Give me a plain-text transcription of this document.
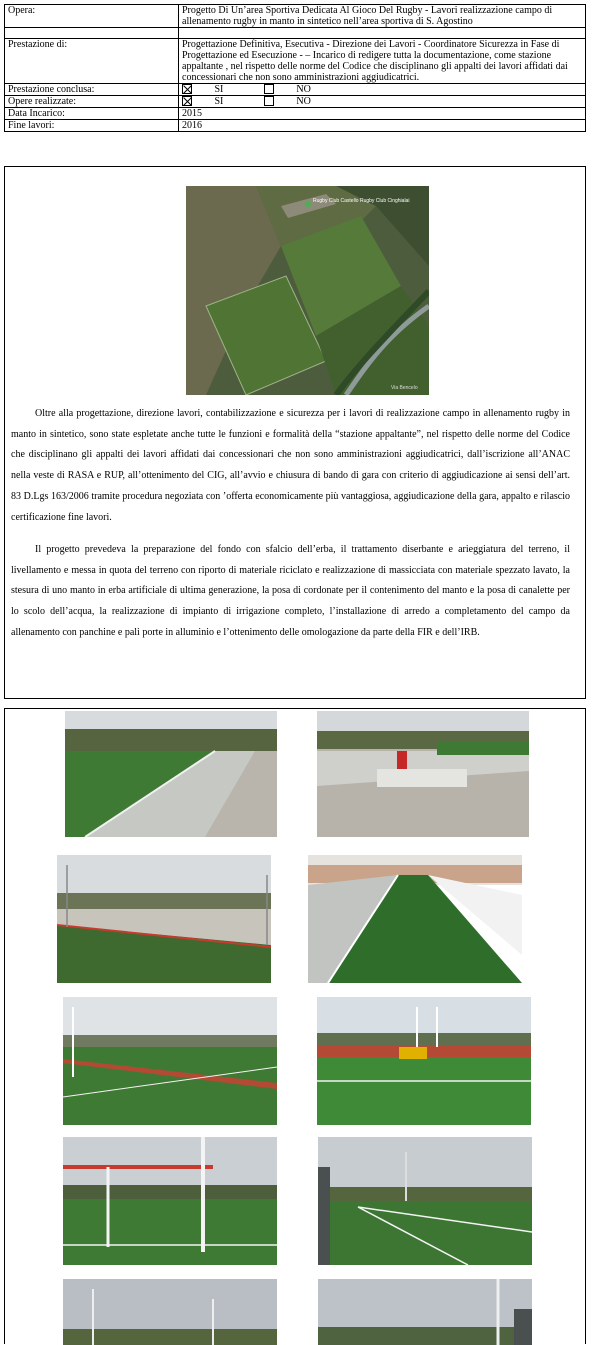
Opera:	Progetto Di Un’area Sportiva Dedicata Al Gioco Del Rugby - Lavori realizzazione campo di allenamento rugby in manto in sintetico nell’area sportiva di S. Agostino

Prestazione di:	Progettazione Definitiva, Esecutiva - Direzione dei Lavori - Coordinatore Sicurezza in Fase di Progettazione ed Esecuzione - – Incarico di redigere tutta la documentazione, come stazione appaltante , nel rispetto delle norme del Codice che disciplinano gli appalti dei lavori affidati dai concessionari che non sono amministrazioni aggiudicatrici.
Prestazione conclusa:	SI NO
Opere realizzate:	SI NO
Data Incarico:	2015
Fine lavori:	2016
Rugby Club Castello Rugby Club Cinghialai
Via Bencelo

Oltre alla progettazione, direzione lavori, contabilizzazione e sicurezza per i lavori di realizzazione campo in allenamento rugby in manto in sintetico, sono state espletate anche tutte le funzioni e formalità della “stazione appaltante”, nel rispetto delle norme del Codice che disciplinano gli appalti dei lavori affidati dai concessionari che non sono amministrazioni aggiudicatrici, dall’iscrizione all’ANAC nella veste di RASA e RUP, all’ottenimento del CIG, all’avvio e chiusura di bando di gara con criterio di aggiudicazione ai sensi dell’art. 83 D.Lgs 163/2006 tramite procedura negoziata con ’offerta economicamente più vantaggiosa, aggiudicazione della gara, appalto e rilascio certificazione fine lavori.

Il progetto prevedeva la preparazione del fondo con sfalcio dell’erba, il trattamento diserbante e arieggiatura del terreno, il livellamento e messa in quota del terreno con riporto di materiale riciclato e realizzazione di massicciata con materiale spezzato lavato, la stesura di uno manto in erba artificiale di ultima generazione, la posa di cordonate per il contenimento del manto e la posa di canalette per lo scolo dell’acqua, la realizzazione di impianto di irrigazione completo, l’installazione di arredo a completamento del campo da allenamento con panchine e pali porte in alluminio e l’ottenimento delle omologazione da parte della FIR e dell’IRB.
